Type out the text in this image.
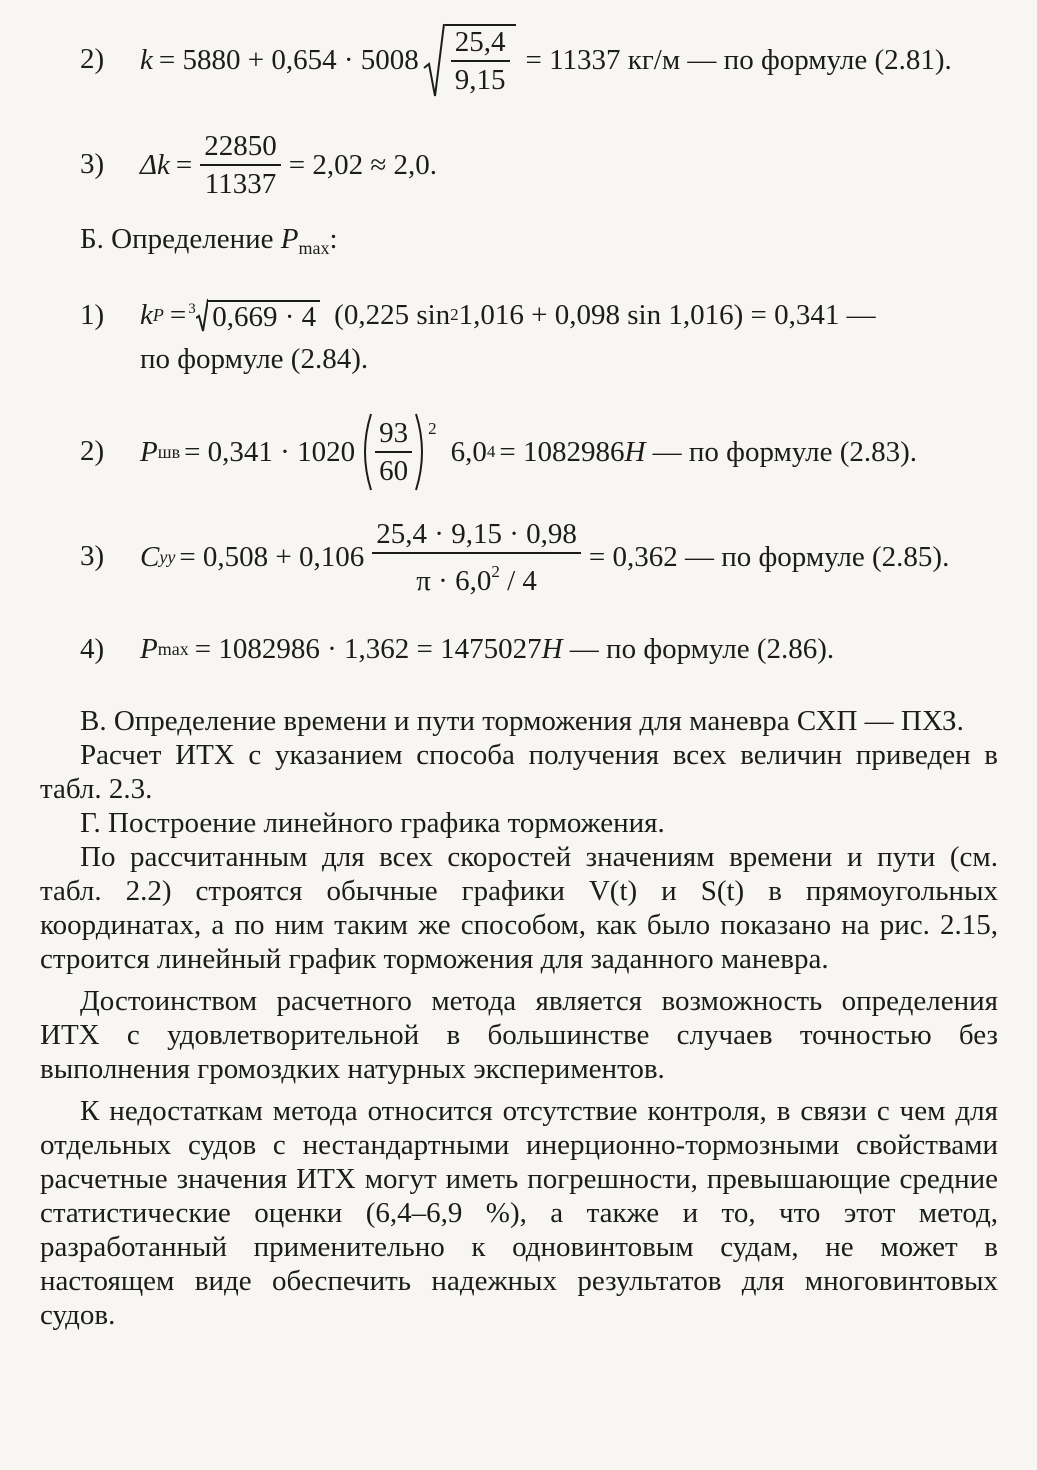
2) $k = 5880 + 0,654 \cdot 5008 \frac{25,4}{9,15} = 11337$ кг/м — по формуле (2.81).
3) $\Delta k = \frac{22850}{11337} = 2,02 \approx 2,0$.
Б. Определение $P_{max}$:
1) k P = 3 0,669 · 4 (0,225 sin 2 1,016 + 0,098 sin 1,016) = 0,341 —
по формуле (2.84).
2) P шв = $0,341 \cdot 1020 \frac{93}{60} ^2$
6,0 4 = 1082986 H — по формуле (2.83).
3) C yy = $0,508 + 0,106 \frac{25,4 \cdot 9,15 \cdot 0,98}{\pi \cdot 6,0^2 / 4} = 0,362$ — по формуле (2.85).
4) P max = 1082986 · 1,362 = 1475027 H — по формуле (2.86).

В. Определение времени и пути торможения для маневра СХП — ПХЗ.

Расчет ИТХ с указанием способа получения всех величин приведен в табл. 2.3.

Г. Построение линейного графика торможения.

По рассчитанным для всех скоростей значениям времени и пути (см. табл. 2.2) строятся обычные графики V(t) и S(t) в прямоугольных координатах, а по ним таким же способом, как было показано на рис. 2.15, строится линейный график торможения для заданного маневра.

Достоинством расчетного метода является возможность определения ИТХ с удовлетворительной в большинстве случаев точностью без выполнения громоздких натурных экспериментов.

К недостаткам метода относится отсутствие контроля, в связи с чем для отдельных судов с нестандартными инерционно-тормозными свойствами расчетные значения ИТХ могут иметь погрешности, превышающие средние статистические оценки (6,4–6,9 %), а также и то, что этот метод, разработанный применительно к одновинтовым судам, не может в настоящем виде обеспечить надежных результатов для многовинтовых судов.
